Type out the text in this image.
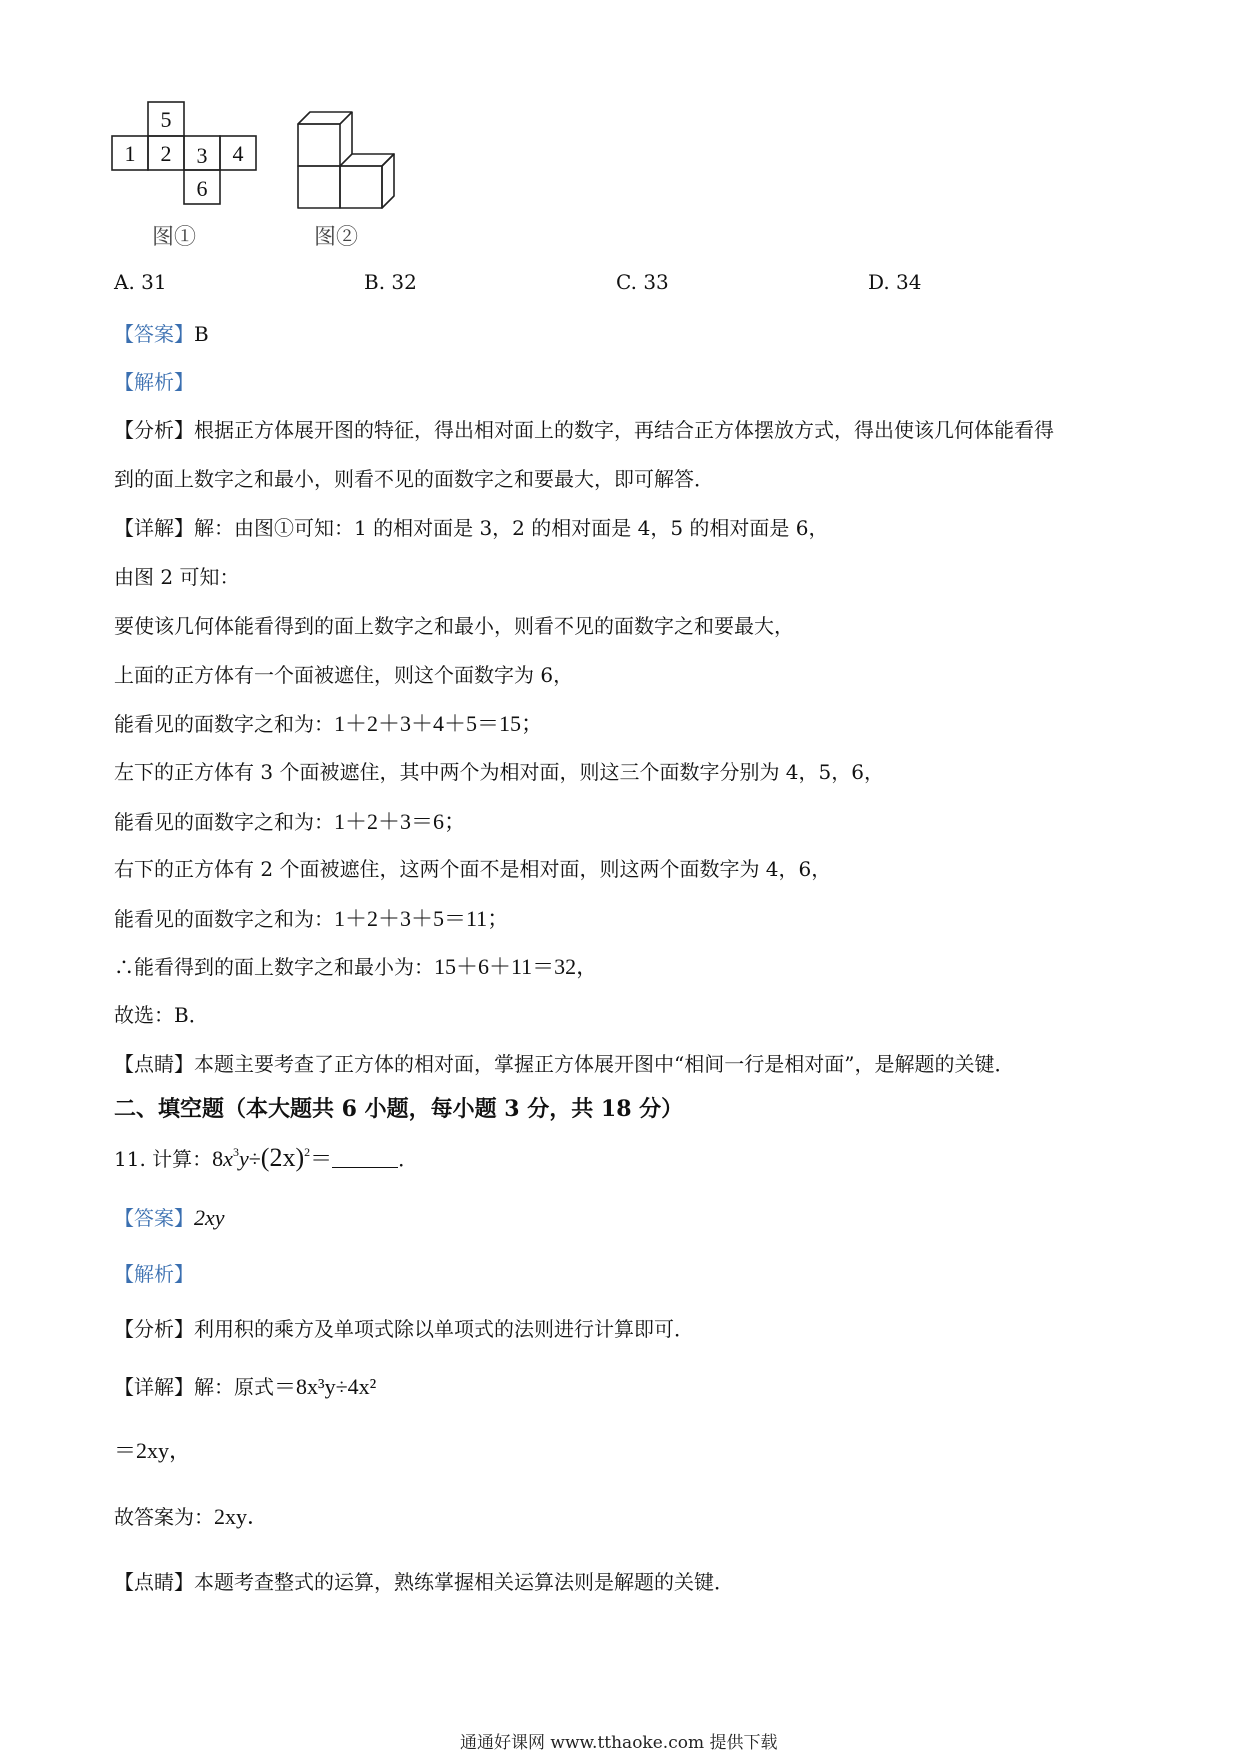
5
1 2 3 4
6
图①	图②
A. 31	B. 32	C. 33	D. 34
【答案】B
【解析】
【分析】根据正方体展开图的特征，得出相对面上的数字，再结合正方体摆放方式，得出使该几何体能看得
到的面上数字之和最小，则看不见的面数字之和要最大，即可解答．
【详解】解：由图①可知：1 的相对面是 3，2 的相对面是 4，5 的相对面是 6，
由图 2 可知：
要使该几何体能看得到的面上数字之和最小，则看不见的面数字之和要最大，
上面的正方体有一个面被遮住，则这个面数字为 6，
能看见的面数字之和为：1＋2＋3＋4＋5＝15；
左下的正方体有 3 个面被遮住，其中两个为相对面，则这三个面数字分别为 4，5，6，
能看见的面数字之和为：1＋2＋3＝6；
右下的正方体有 2 个面被遮住，这两个面不是相对面，则这两个面数字为 4，6，
能看见的面数字之和为：1＋2＋3＋5＝11；
∴能看得到的面上数字之和最小为：15＋6＋11＝32，
故选：B．
【点睛】本题主要考查了正方体的相对面，掌握正方体展开图中“相间一行是相对面”，是解题的关键．
二、填空题（本大题共 6 小题，每小题 3 分，共 18 分）
11. 计算：$8x^3y\div(2x)^2=$	．
【答案】2xy
【解析】
【分析】利用积的乘方及单项式除以单项式的法则进行计算即可．
【详解】解：原式＝8x³y÷4x²
＝2xy，
故答案为：2xy．
【点睛】本题考查整式的运算，熟练掌握相关运算法则是解题的关键．
通通好课网 www.tthaoke.com 提供下载
